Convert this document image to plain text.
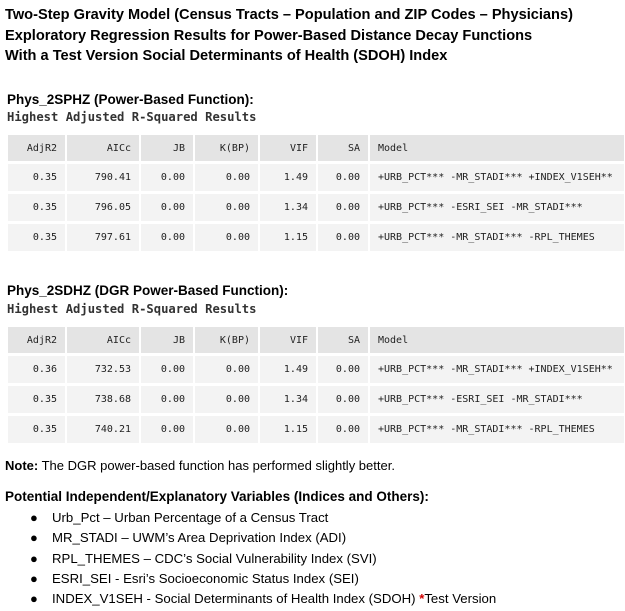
Two-Step Gravity Model (Census Tracts – Population and ZIP Codes – Physicians)
Exploratory Regression Results for Power-Based Distance Decay Functions
With a Test Version Social Determinants of Health (SDOH) Index
Phys_2SPHZ (Power-Based Function):
Highest Adjusted R-Squared Results
AdjR2	AICc	JB	K(BP)	VIF	SA	Model
0.35	790.41	0.00	0.00	1.49	0.00	+URB_PCT*** -MR_STADI*** +INDEX_V1SEH**
0.35	796.05	0.00	0.00	1.34	0.00	+URB_PCT*** -ESRI_SEI -MR_STADI***
0.35	797.61	0.00	0.00	1.15	0.00	+URB_PCT*** -MR_STADI*** -RPL_THEMES
Phys_2SDHZ (DGR Power-Based Function):
Highest Adjusted R-Squared Results
AdjR2	AICc	JB	K(BP)	VIF	SA	Model
0.36	732.53	0.00	0.00	1.49	0.00	+URB_PCT*** -MR_STADI*** +INDEX_V1SEH**
0.35	738.68	0.00	0.00	1.34	0.00	+URB_PCT*** -ESRI_SEI -MR_STADI***
0.35	740.21	0.00	0.00	1.15	0.00	+URB_PCT*** -MR_STADI*** -RPL_THEMES
Note: The DGR power-based function has performed slightly better.
Potential Independent/Explanatory Variables (Indices and Others):
● Urb_Pct – Urban Percentage of a Census Tract
● MR_STADI – UWM’s Area Deprivation Index (ADI)
● RPL_THEMES – CDC’s Social Vulnerability Index (SVI)
● ESRI_SEI - Esri’s Socioeconomic Status Index (SEI)
● INDEX_V1SEH - Social Determinants of Health Index (SDOH) *Test Version
